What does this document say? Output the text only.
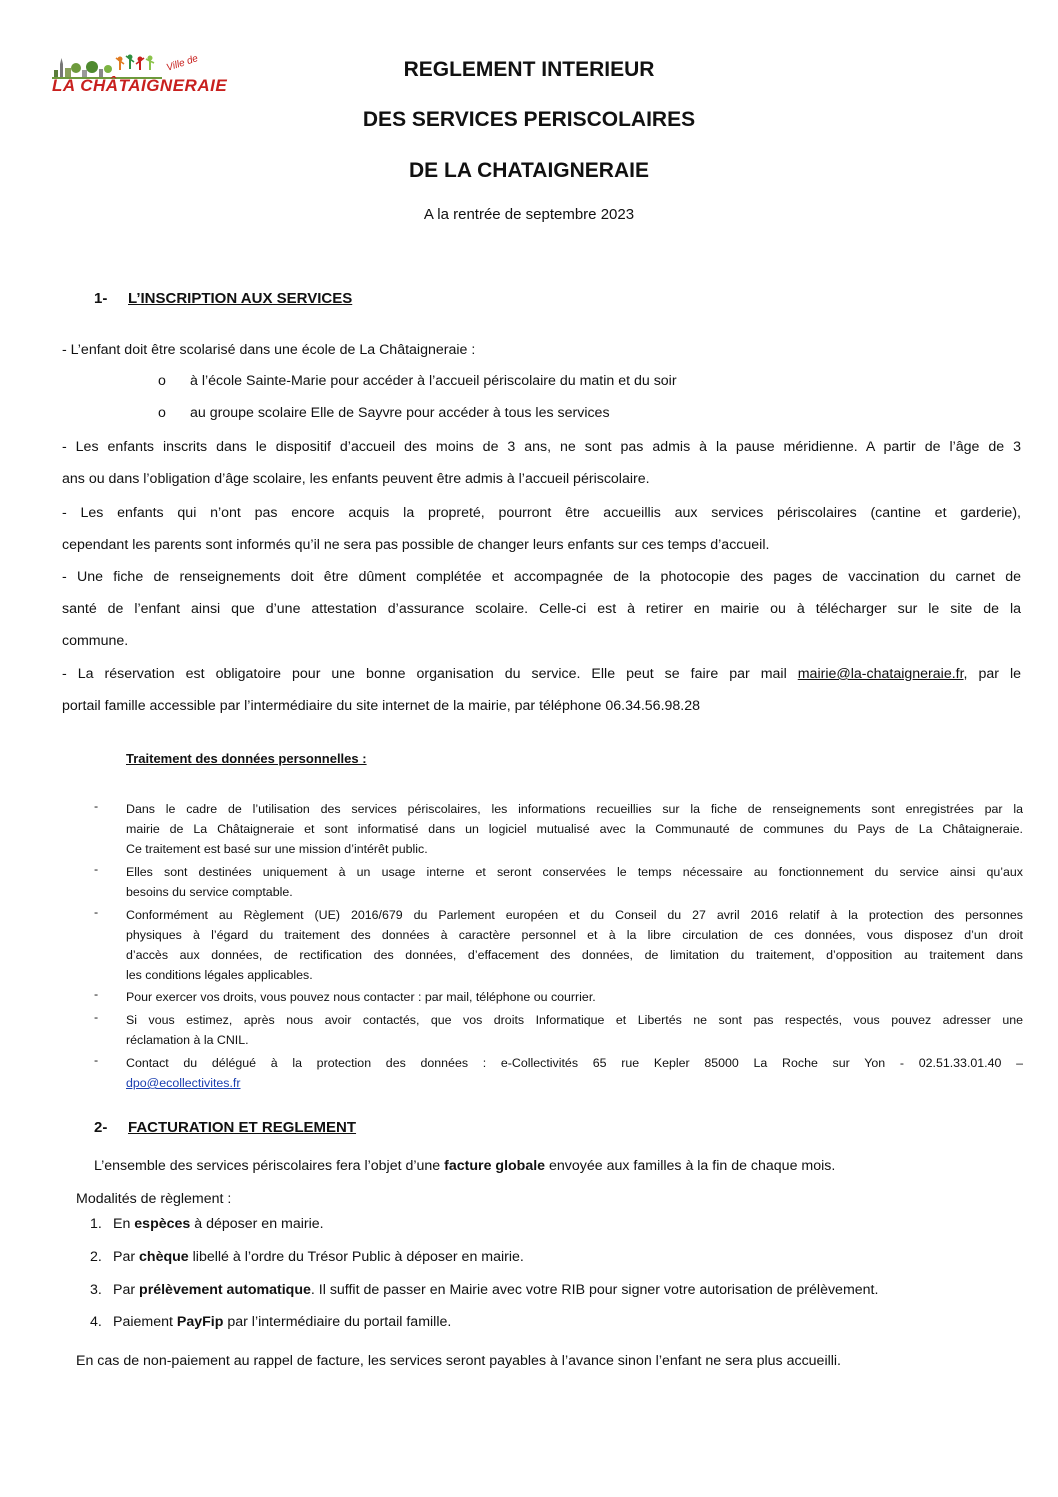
Ville de
LA CHÂTAIGNERAIE
REGLEMENT INTERIEUR
DES SERVICES PERISCOLAIRES
DE LA CHATAIGNERAIE
A la rentrée de septembre 2023
1- L’INSCRIPTION AUX SERVICES
- L’enfant doit être scolarisé dans une école de La Châtaigneraie :
o à l’école Sainte-Marie pour accéder à l’accueil périscolaire du matin et du soir
o au groupe scolaire Elle de Sayvre pour accéder à tous les services
- Les enfants inscrits dans le dispositif d’accueil des moins de 3 ans, ne sont pas admis à la pause méridienne. A partir de l’âge de 3
ans ou dans l’obligation d’âge scolaire, les enfants peuvent être admis à l’accueil périscolaire.
- Les enfants qui n’ont pas encore acquis la propreté, pourront être accueillis aux services périscolaires (cantine et garderie),
cependant les parents sont informés qu’il ne sera pas possible de changer leurs enfants sur ces temps d’accueil.
- Une fiche de renseignements doit être dûment complétée et accompagnée de la photocopie des pages de vaccination du carnet de
santé de l’enfant ainsi que d’une attestation d’assurance scolaire. Celle-ci est à retirer en mairie ou à télécharger sur le site de la
commune.
- La réservation est obligatoire pour une bonne organisation du service. Elle peut se faire par mail mairie@la-chataigneraie.fr, par le
portail famille accessible par l’intermédiaire du site internet de la mairie, par téléphone 06.34.56.98.28
Traitement des données personnelles :
- Dans le cadre de l’utilisation des services périscolaires, les informations recueillies sur la fiche de renseignements sont enregistrées par la
mairie de La Châtaigneraie et sont informatisé dans un logiciel mutualisé avec la Communauté de communes du Pays de La Châtaigneraie.
Ce traitement est basé sur une mission d’intérêt public.
- Elles sont destinées uniquement à un usage interne et seront conservées le temps nécessaire au fonctionnement du service ainsi qu’aux
besoins du service comptable.
- Conformément au Règlement (UE) 2016/679 du Parlement européen et du Conseil du 27 avril 2016 relatif à la protection des personnes
physiques à l’égard du traitement des données à caractère personnel et à la libre circulation de ces données, vous disposez d’un droit
d’accès aux données, de rectification des données, d’effacement des données, de limitation du traitement, d’opposition au traitement dans
les conditions légales applicables.
- Pour exercer vos droits, vous pouvez nous contacter : par mail, téléphone ou courrier.
- Si vous estimez, après nous avoir contactés, que vos droits Informatique et Libertés ne sont pas respectés, vous pouvez adresser une
réclamation à la CNIL.
- Contact du délégué à la protection des données : e-Collectivités 65 rue Kepler 85000 La Roche sur Yon - 02.51.33.01.40 –
dpo@ecollectivites.fr
2- FACTURATION ET REGLEMENT
L’ensemble des services périscolaires fera l’objet d’une facture globale envoyée aux familles à la fin de chaque mois.
Modalités de règlement :
1. En espèces à déposer en mairie.
2. Par chèque libellé à l’ordre du Trésor Public à déposer en mairie.
3. Par prélèvement automatique. Il suffit de passer en Mairie avec votre RIB pour signer votre autorisation de prélèvement.
4. Paiement PayFip par l’intermédiaire du portail famille.
En cas de non-paiement au rappel de facture, les services seront payables à l’avance sinon l’enfant ne sera plus accueilli.
